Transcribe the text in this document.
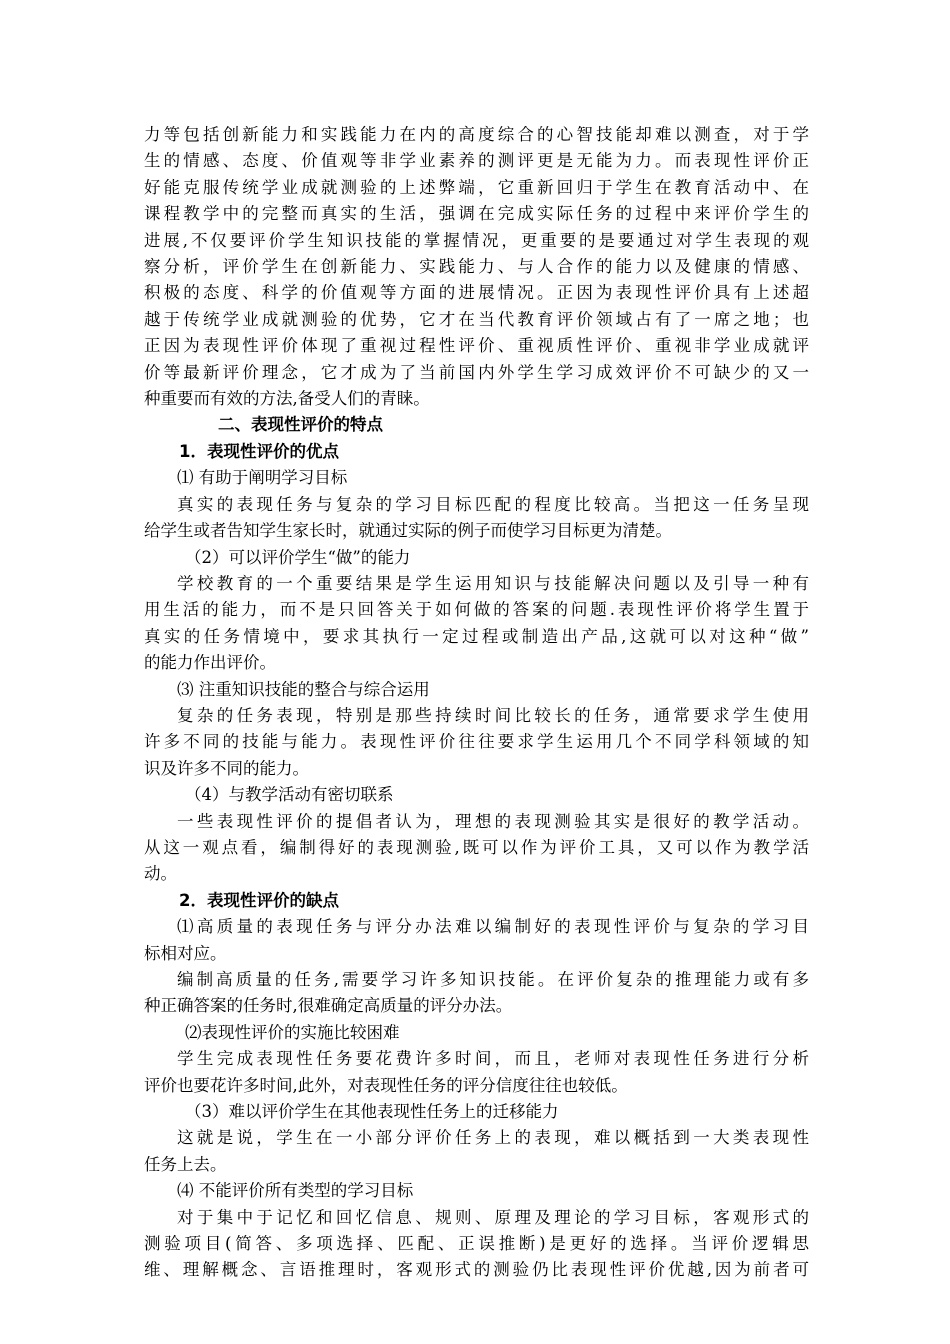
力等包括创新能力和实践能力在内的高度综合的心智技能却难以测查，对于学
生的情感、态度、价值观等非学业素养的测评更是无能为力。而表现性评价正
好能克服传统学业成就测验的上述弊端，它重新回归于学生在教育活动中、在
课程教学中的完整而真实的生活，强调在完成实际任务的过程中来评价学生的
进展,不仅要评价学生知识技能的掌握情况，更重要的是要通过对学生表现的观
察分析，评价学生在创新能力、实践能力、与人合作的能力以及健康的情感、
积极的态度、科学的价值观等方面的进展情况。正因为表现性评价具有上述超
越于传统学业成就测验的优势，它才在当代教育评价领域占有了一席之地；也
正因为表现性评价体现了重视过程性评价、重视质性评价、重视非学业成就评
价等最新评价理念，它才成为了当前国内外学生学习成效评价不可缺少的又一
种重要而有效的方法,备受人们的青睐。

二、表现性评价的特点

1．表现性评价的优点

⑴ 有助于阐明学习目标

真实的表现任务与复杂的学习目标匹配的程度比较高。当把这一任务呈现
给学生或者告知学生家长时，就通过实际的例子而使学习目标更为清楚。

（2）可以评价学生“做”的能力

学校教育的一个重要结果是学生运用知识与技能解决问题以及引导一种有
用生活的能力，而不是只回答关于如何做的答案的问题.表现性评价将学生置于
真实的任务情境中，要求其执行一定过程或制造出产品,这就可以对这种“做”
的能力作出评价。

⑶ 注重知识技能的整合与综合运用

复杂的任务表现，特别是那些持续时间比较长的任务，通常要求学生使用
许多不同的技能与能力。表现性评价往往要求学生运用几个不同学科领域的知
识及许多不同的能力。

（4）与教学活动有密切联系

一些表现性评价的提倡者认为，理想的表现测验其实是很好的教学活动。
从这一观点看，编制得好的表现测验,既可以作为评价工具，又可以作为教学活
动。

2．表现性评价的缺点

⑴高质量的表现任务与评分办法难以编制好的表现性评价与复杂的学习目
标相对应。

编制高质量的任务,需要学习许多知识技能。在评价复杂的推理能力或有多
种正确答案的任务时,很难确定高质量的评分办法。

⑵表现性评价的实施比较困难

学生完成表现性任务要花费许多时间，而且，老师对表现性任务进行分析
评价也要花许多时间,此外，对表现性任务的评分信度往往也较低。

（3）难以评价学生在其他表现性任务上的迁移能力

这就是说，学生在一小部分评价任务上的表现，难以概括到一大类表现性
任务上去。

⑷ 不能评价所有类型的学习目标

对于集中于记忆和回忆信息、规则、原理及理论的学习目标，客观形式的
测验项目(简答、多项选择、匹配、正误推断)是更好的选择。当评价逻辑思
维、理解概念、言语推理时，客观形式的测验仍比表现性评价优越,因为前者可
